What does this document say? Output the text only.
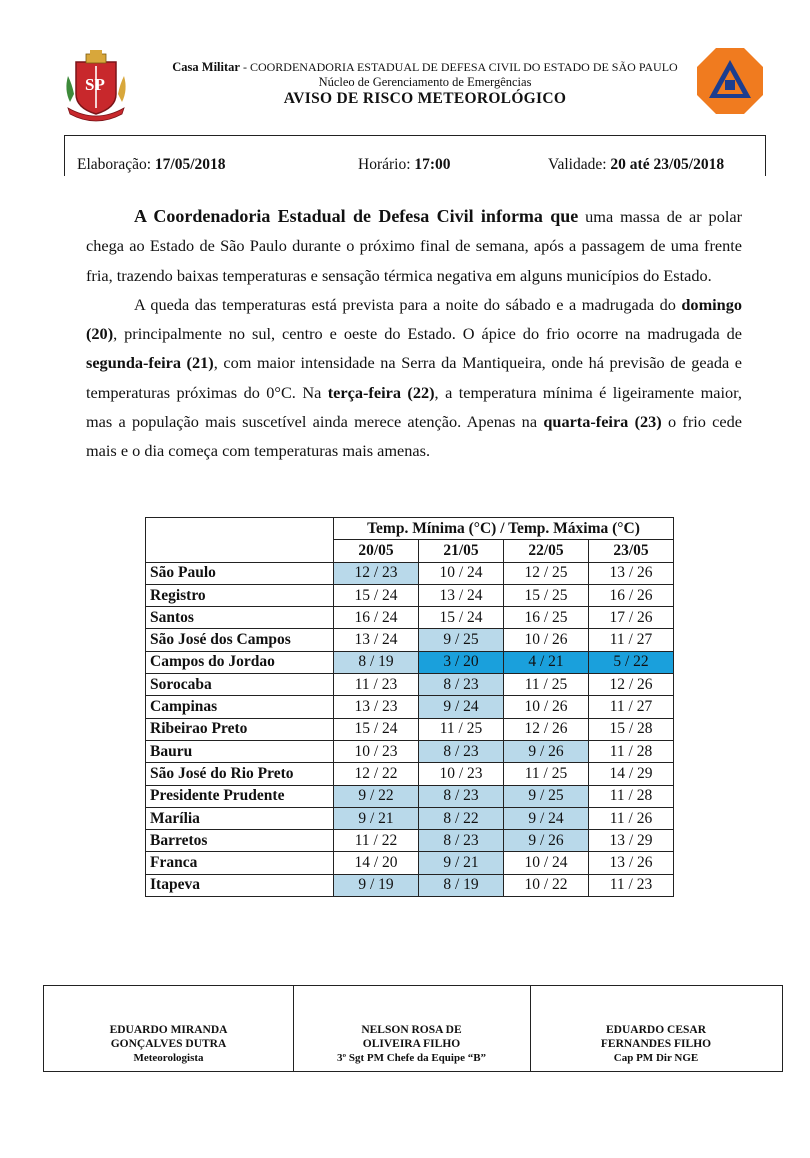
SP
Casa Militar - COORDENADORIA ESTADUAL DE DEFESA CIVIL DO ESTADO DE SÃO PAULO
Núcleo de Gerenciamento de Emergências
AVISO DE RISCO METEOROLÓGICO
Elaboração: 17/05/2018	Horário: 17:00	Validade: 20 até 23/05/2018

A Coordenadoria Estadual de Defesa Civil informa que uma massa de ar polar chega ao Estado de São Paulo durante o próximo final de semana, após a passagem de uma frente fria, trazendo baixas temperaturas e sensação térmica negativa em alguns municípios do Estado.

A queda das temperaturas está prevista para a noite do sábado e a madrugada do domingo (20), principalmente no sul, centro e oeste do Estado. O ápice do frio ocorre na madrugada de segunda-feira (21), com maior intensidade na Serra da Mantiqueira, onde há previsão de geada e temperaturas próximas do 0°C. Na terça-feira (22), a temperatura mínima é ligeiramente maior, mas a população mais suscetível ainda merece atenção. Apenas na quarta-feira (23) o frio cede mais e o dia começa com temperaturas mais amenas.

	Temp. Mínima (°C) / Temp. Máxima (°C)			
	20/05	21/05	22/05	23/05
São Paulo	12 / 23	10 / 24	12 / 25	13 / 26
Registro	15 / 24	13 / 24	15 / 25	16 / 26
Santos	16 / 24	15 / 24	16 / 25	17 / 26
São José dos Campos	13 / 24	9 / 25	10 / 26	11 / 27
Campos do Jordao	8 / 19	3 / 20	4 / 21	5 / 22
Sorocaba	11 / 23	8 / 23	11 / 25	12 / 26
Campinas	13 / 23	9 / 24	10 / 26	11 / 27
Ribeirao Preto	15 / 24	11 / 25	12 / 26	15 / 28
Bauru	10 / 23	8 / 23	9 / 26	11 / 28
São José do Rio Preto	12 / 22	10 / 23	11 / 25	14 / 29
Presidente Prudente	9 / 22	8 / 23	9 / 25	11 / 28
Marília	9 / 21	8 / 22	9 / 24	11 / 26
Barretos	11 / 22	8 / 23	9 / 26	13 / 29
Franca	14 / 20	9 / 21	10 / 24	13 / 26
Itapeva	9 / 19	8 / 19	10 / 22	11 / 23
EDUARDO MIRANDA
GONÇALVES DUTRA
Meteorologista
NELSON ROSA DE
OLIVEIRA FILHO
3º Sgt PM Chefe da Equipe “B”
EDUARDO CESAR
FERNANDES FILHO
Cap PM Dir NGE
